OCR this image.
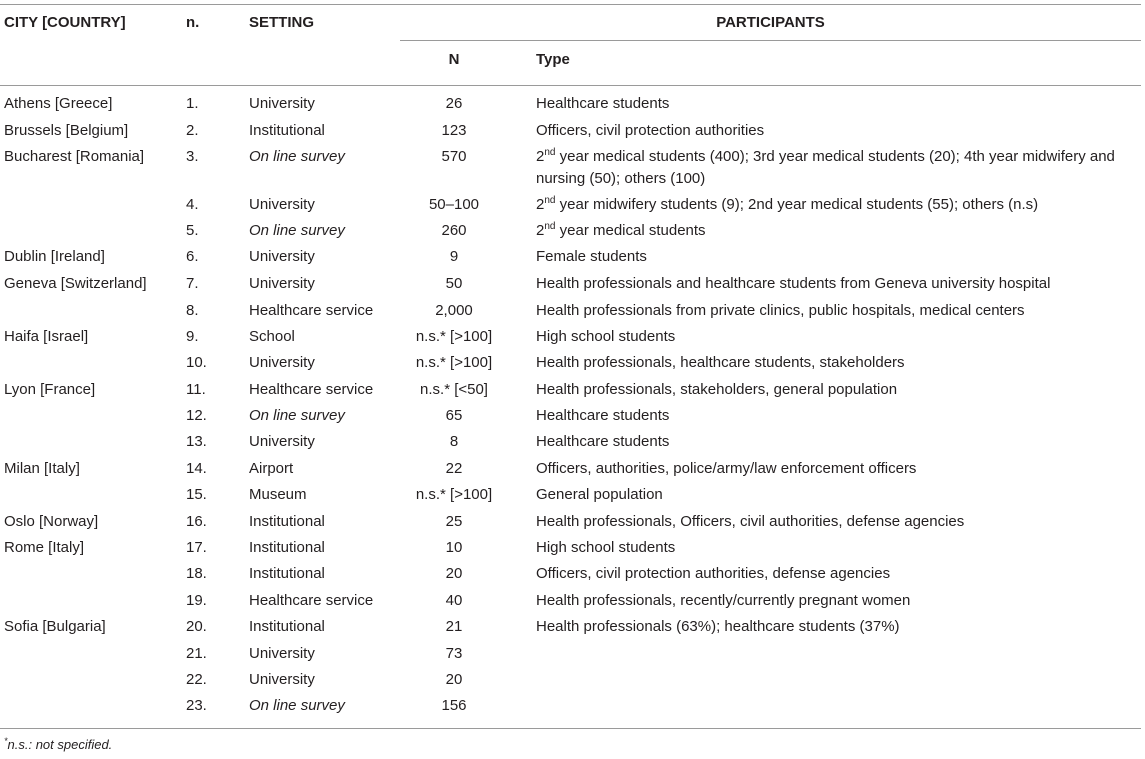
CITY [COUNTRY]	n.	SETTING	PARTICIPANTS
N	Type
Athens [Greece]	1.	University	26	Healthcare students
Brussels [Belgium]	2.	Institutional	123	Officers, civil protection authorities
Bucharest [Romania]	3.	On line survey	570	2nd year medical students (400); 3rd year medical students (20); 4th year midwifery and nursing (50); others (100)
4.	University	50–100	2nd year midwifery students (9); 2nd year medical students (55); others (n.s)
5.	On line survey	260	2nd year medical students
Dublin [Ireland]	6.	University	9	Female students
Geneva [Switzerland]	7.	University	50	Health professionals and healthcare students from Geneva university hospital
8.	Healthcare service	2,000	Health professionals from private clinics, public hospitals, medical centers
Haifa [Israel]	9.	School	n.s.* [>100]	High school students
10.	University	n.s.* [>100]	Health professionals, healthcare students, stakeholders
Lyon [France]	11.	Healthcare service	n.s.* [<50]	Health professionals, stakeholders, general population
12.	On line survey	65	Healthcare students
13.	University	8	Healthcare students
Milan [Italy]	14.	Airport	22	Officers, authorities, police/army/law enforcement officers
15.	Museum	n.s.* [>100]	General population
Oslo [Norway]	16.	Institutional	25	Health professionals, Officers, civil authorities, defense agencies
Rome [Italy]	17.	Institutional	10	High school students
18.	Institutional	20	Officers, civil protection authorities, defense agencies
19.	Healthcare service	40	Health professionals, recently/currently pregnant women
Sofia [Bulgaria]	20.	Institutional	21	Health professionals (63%); healthcare students (37%)
21.	University	73
22.	University	20
23.	On line survey	156
*n.s.: not specified.
